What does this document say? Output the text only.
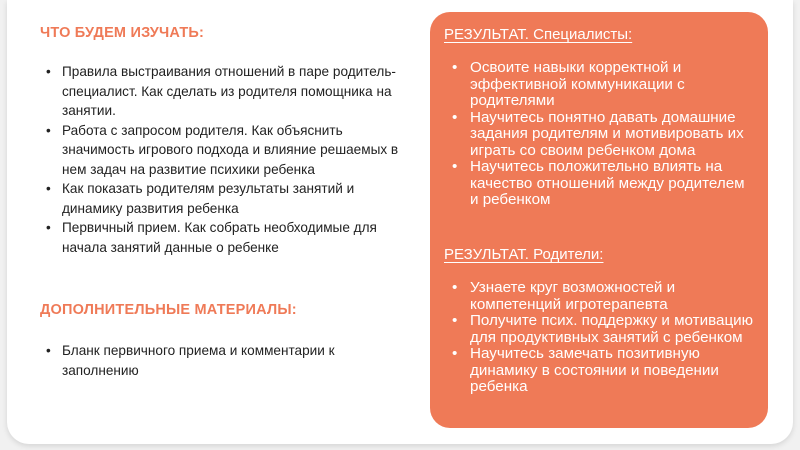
ЧТО БУДЕМ ИЗУЧАТЬ:
• Правила выстраивания отношений в паре родитель-специалист. Как сделать из родителя помощника на занятии.
• Работа с запросом родителя. Как объяснить значимость игрового подхода и влияние решаемых в нем задач на развитие психики ребенка
• Как показать родителям результаты занятий и динамику развития ребенка
• Первичный прием. Как собрать необходимые для начала занятий данные о ребенке
ДОПОЛНИТЕЛЬНЫЕ МАТЕРИАЛЫ:
• Бланк первичного приема и комментарии к заполнению
РЕЗУЛЬТАТ. Специалисты:
• Освоите навыки корректной и эффективной коммуникации с родителями
• Научитесь понятно давать домашние задания родителям и мотивировать их играть со своим ребенком дома
• Научитесь положительно влиять на качество отношений между родителем и ребенком
РЕЗУЛЬТАТ. Родители:
• Узнаете круг возможностей и компетенций игротерапевта
• Получите псих. поддержку и мотивацию для продуктивных занятий с ребенком
• Научитесь замечать позитивную динамику в состоянии и поведении ребенка
